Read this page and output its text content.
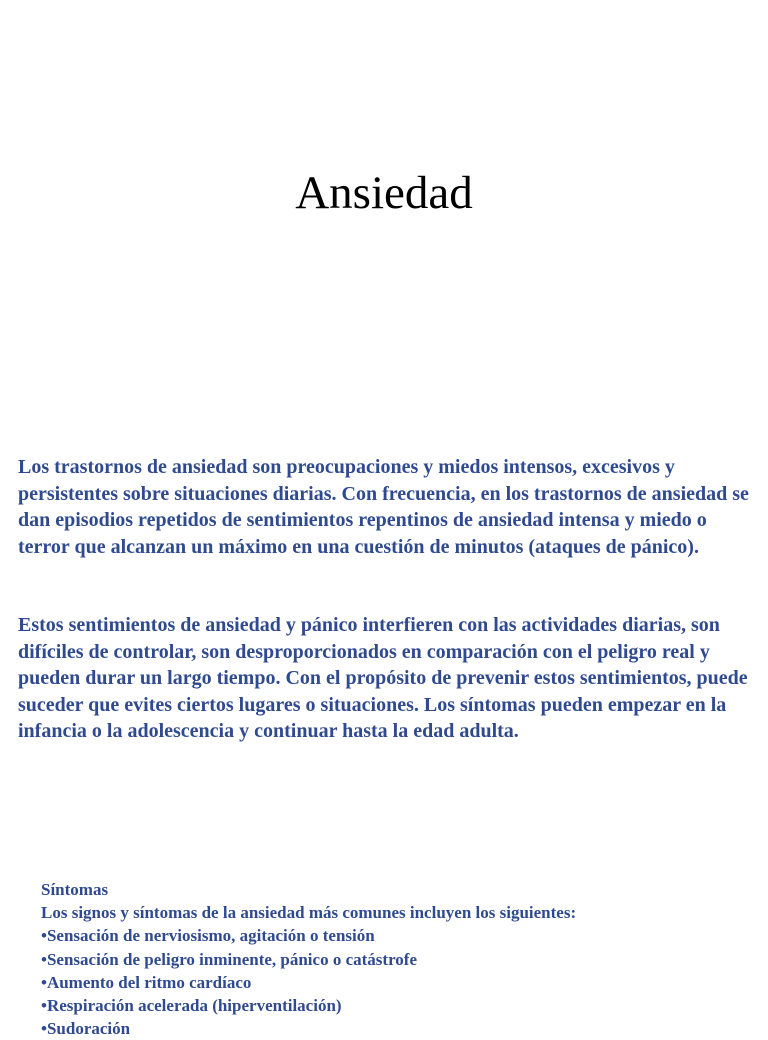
Ansiedad

Los trastornos de ansiedad son preocupaciones y miedos intensos, excesivos y persistentes sobre situaciones diarias. Con frecuencia, en los trastornos de ansiedad se dan episodios repetidos de sentimientos repentinos de ansiedad intensa y miedo o terror que alcanzan un máximo en una cuestión de minutos (ataques de pánico).

Estos sentimientos de ansiedad y pánico interfieren con las actividades diarias, son difíciles de controlar, son desproporcionados en comparación con el peligro real y pueden durar un largo tiempo. Con el propósito de prevenir estos sentimientos, puede suceder que evites ciertos lugares o situaciones. Los síntomas pueden empezar en la infancia o la adolescencia y continuar hasta la edad adulta.

Síntomas
Los signos y síntomas de la ansiedad más comunes incluyen los siguientes:
•Sensación de nerviosismo, agitación o tensión
•Sensación de peligro inminente, pánico o catástrofe
•Aumento del ritmo cardíaco
•Respiración acelerada (hiperventilación)
•Sudoración
